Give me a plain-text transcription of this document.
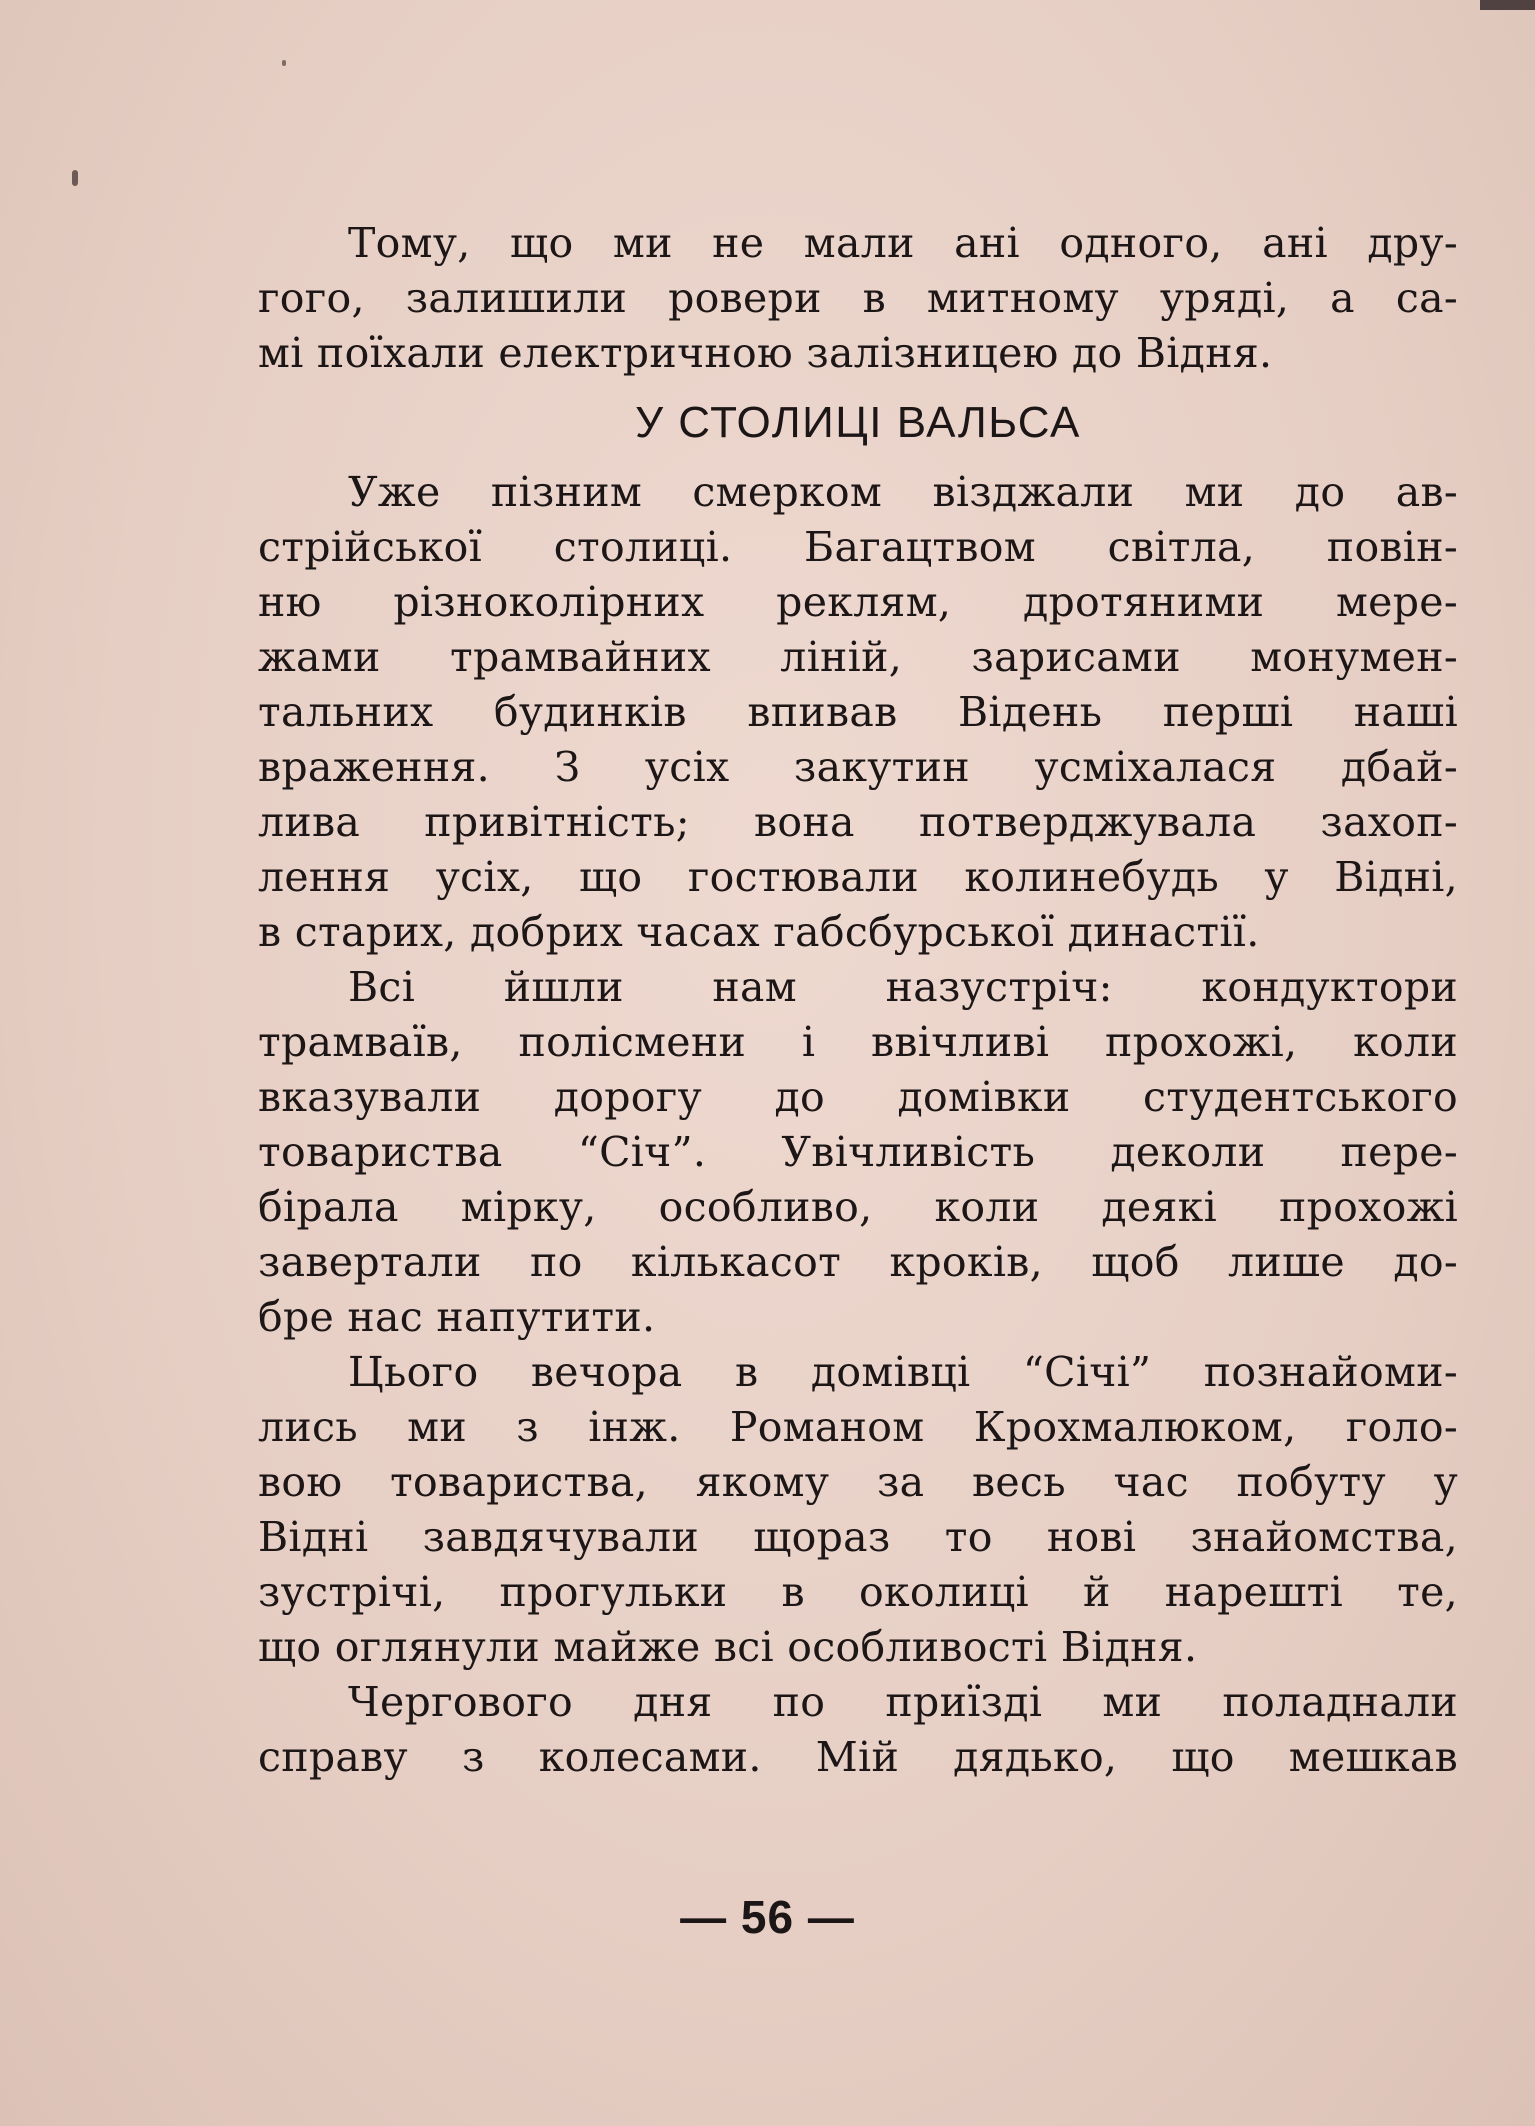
Тому, що ми не мали ані одного, ані дру-
гого, залишили ровери в митному уряді, а са-
мі поїхали електричною залізницею до Відня.
У СТОЛИЦІ ВАЛЬСА
Уже пізним смерком візджали ми до ав-
стрійської столиці. Багацтвом світла, повін-
ню різноколірних реклям, дротяними мере-
жами трамвайних ліній, зарисами монумен-
тальних будинків впивав Відень перші наші
враження. З усіх закутин усміхалася дбай-
лива привітність; вона потверджувала захоп-
лення усіх, що гостювали колинебудь у Відні,
в старих, добрих часах габсбурської династії.
Всі йшли нам назустріч: кондуктори
трамваїв, полісмени і ввічливі прохожі, коли
вказували дорогу до домівки студентського
товариства “Січ”. Увічливість деколи пере-
бірала мірку, особливо, коли деякі прохожі
завертали по кількасот кроків, щоб лише до-
бре нас напутити.
Цього вечора в домівці “Січі” познайоми-
лись ми з інж. Романом Крохмалюком, голо-
вою товариства, якому за весь час побуту у
Відні завдячували щораз то нові знайомства,
зустрічі, прогульки в околиці й нарешті те,
що оглянули майже всі особливості Відня.
Чергового дня по приїзді ми поладнали
справу з колесами. Мій дядько, що мешкав
— 56 —
